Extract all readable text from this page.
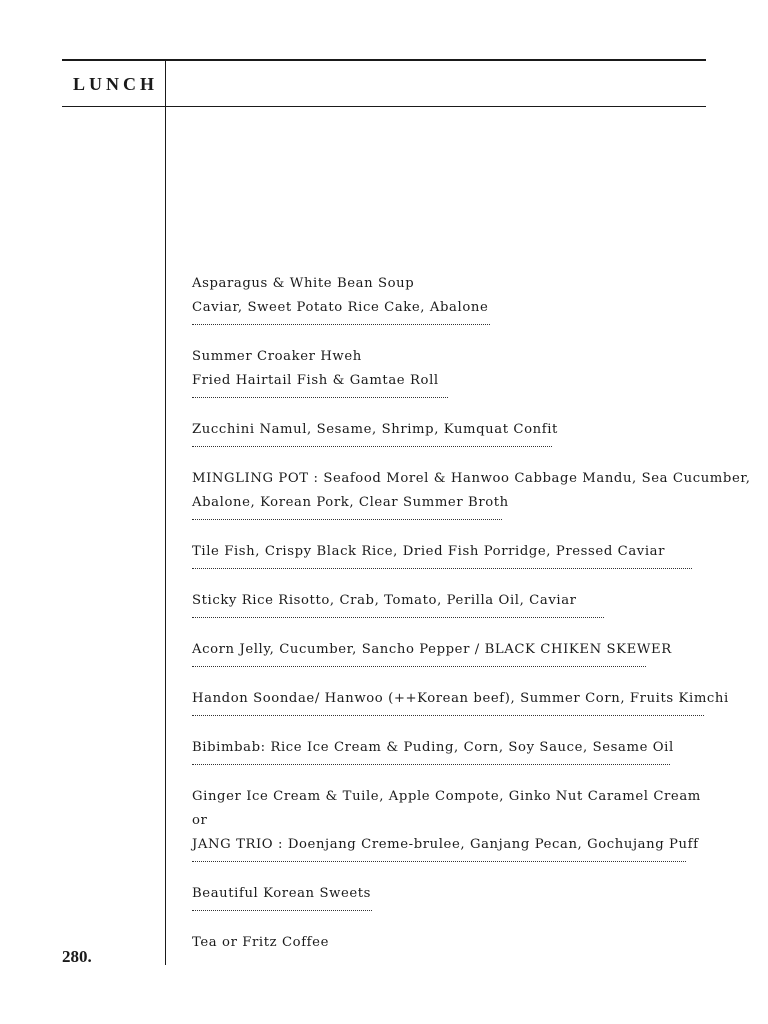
LUNCH
Asparagus & White Bean Soup
Caviar, Sweet Potato Rice Cake, Abalone
Summer Croaker Hweh
Fried Hairtail Fish & Gamtae Roll
Zucchini Namul, Sesame, Shrimp, Kumquat Confit
MINGLING POT : Seafood Morel & Hanwoo Cabbage Mandu, Sea Cucumber,
Abalone, Korean Pork, Clear Summer Broth
Tile Fish, Crispy Black Rice, Dried Fish Porridge, Pressed Caviar
Sticky Rice Risotto, Crab, Tomato, Perilla Oil, Caviar
Acorn Jelly, Cucumber, Sancho Pepper / BLACK CHIKEN SKEWER
Handon Soondae/ Hanwoo (++Korean beef), Summer Corn, Fruits Kimchi
Bibimbab: Rice Ice Cream & Puding, Corn, Soy Sauce, Sesame Oil
Ginger Ice Cream & Tuile, Apple Compote, Ginko Nut Caramel Cream
or
JANG TRIO : Doenjang Creme-brulee, Ganjang Pecan, Gochujang Puff
Beautiful Korean Sweets
Tea or Fritz Coffee
280.
